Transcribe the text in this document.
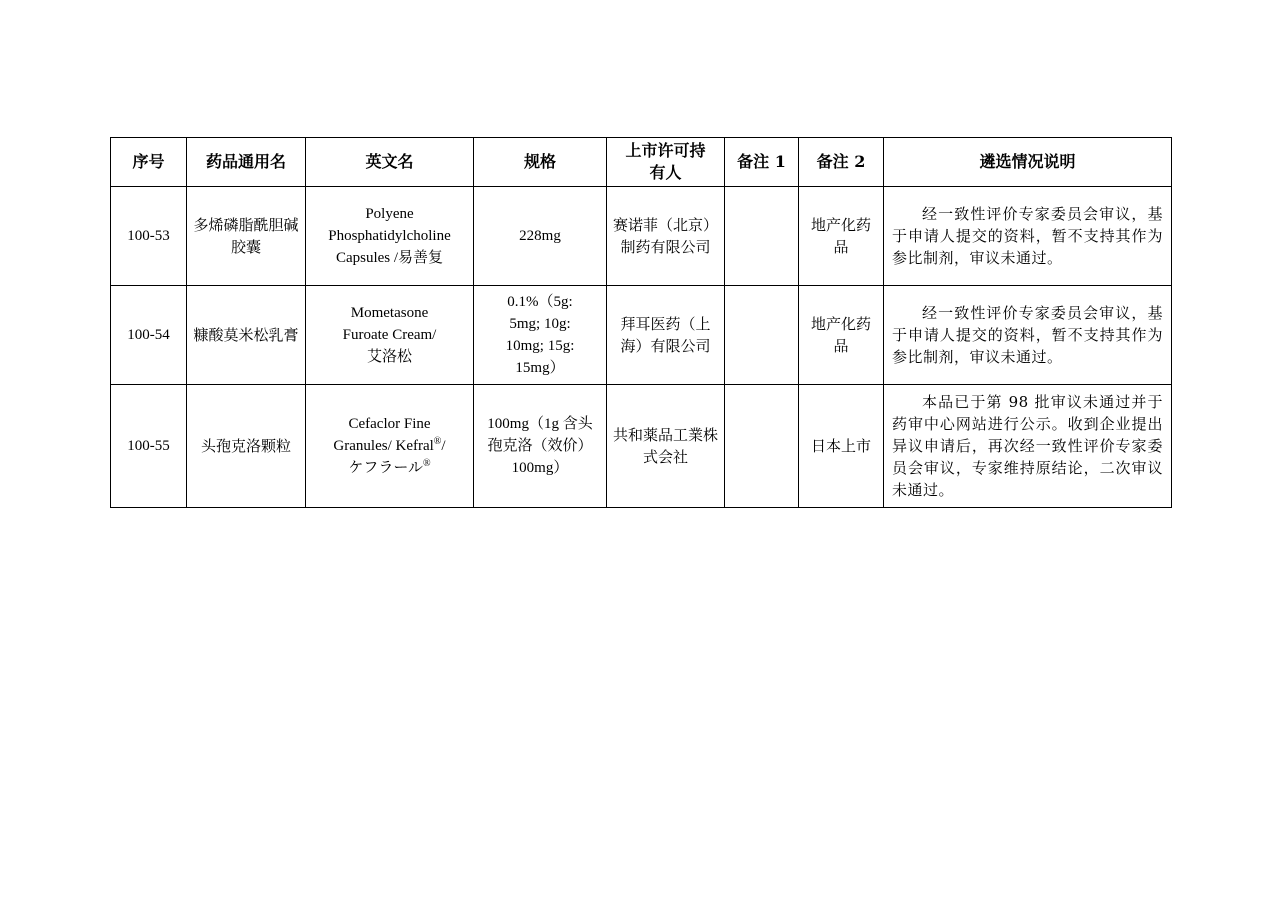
序号	药品通用名	英文名	规格	上市许可持
有人	备注 1	备注 2	遴选情况说明
100-53	多烯磷脂酰胆碱胶囊	Polyene
Phosphatidylcholine
Capsules /易善复	228mg	赛诺菲（北京）制药有限公司		地产化药品	经一致性评价专家委员会审议，基于申请人提交的资料，暂不支持其作为参比制剂，审议未通过。
100-54	糠酸莫米松乳膏	Mometasone
Furoate Cream/
艾洛松	0.1%（5g:
5mg; 10g:
10mg; 15g:
15mg）	拜耳医药（上海）有限公司		地产化药品	经一致性评价专家委员会审议，基于申请人提交的资料，暂不支持其作为参比制剂，审议未通过。
100-55	头孢克洛颗粒	Cefaclor Fine
Granules/ Kefral®/
ケフラール®	100mg（1g 含头孢克洛（效价）100mg）	共和薬品工業株式会社		日本上市	本品已于第 98 批审议未通过并于药审中心网站进行公示。收到企业提出异议申请后，再次经一致性评价专家委员会审议，专家维持原结论，二次审议未通过。
